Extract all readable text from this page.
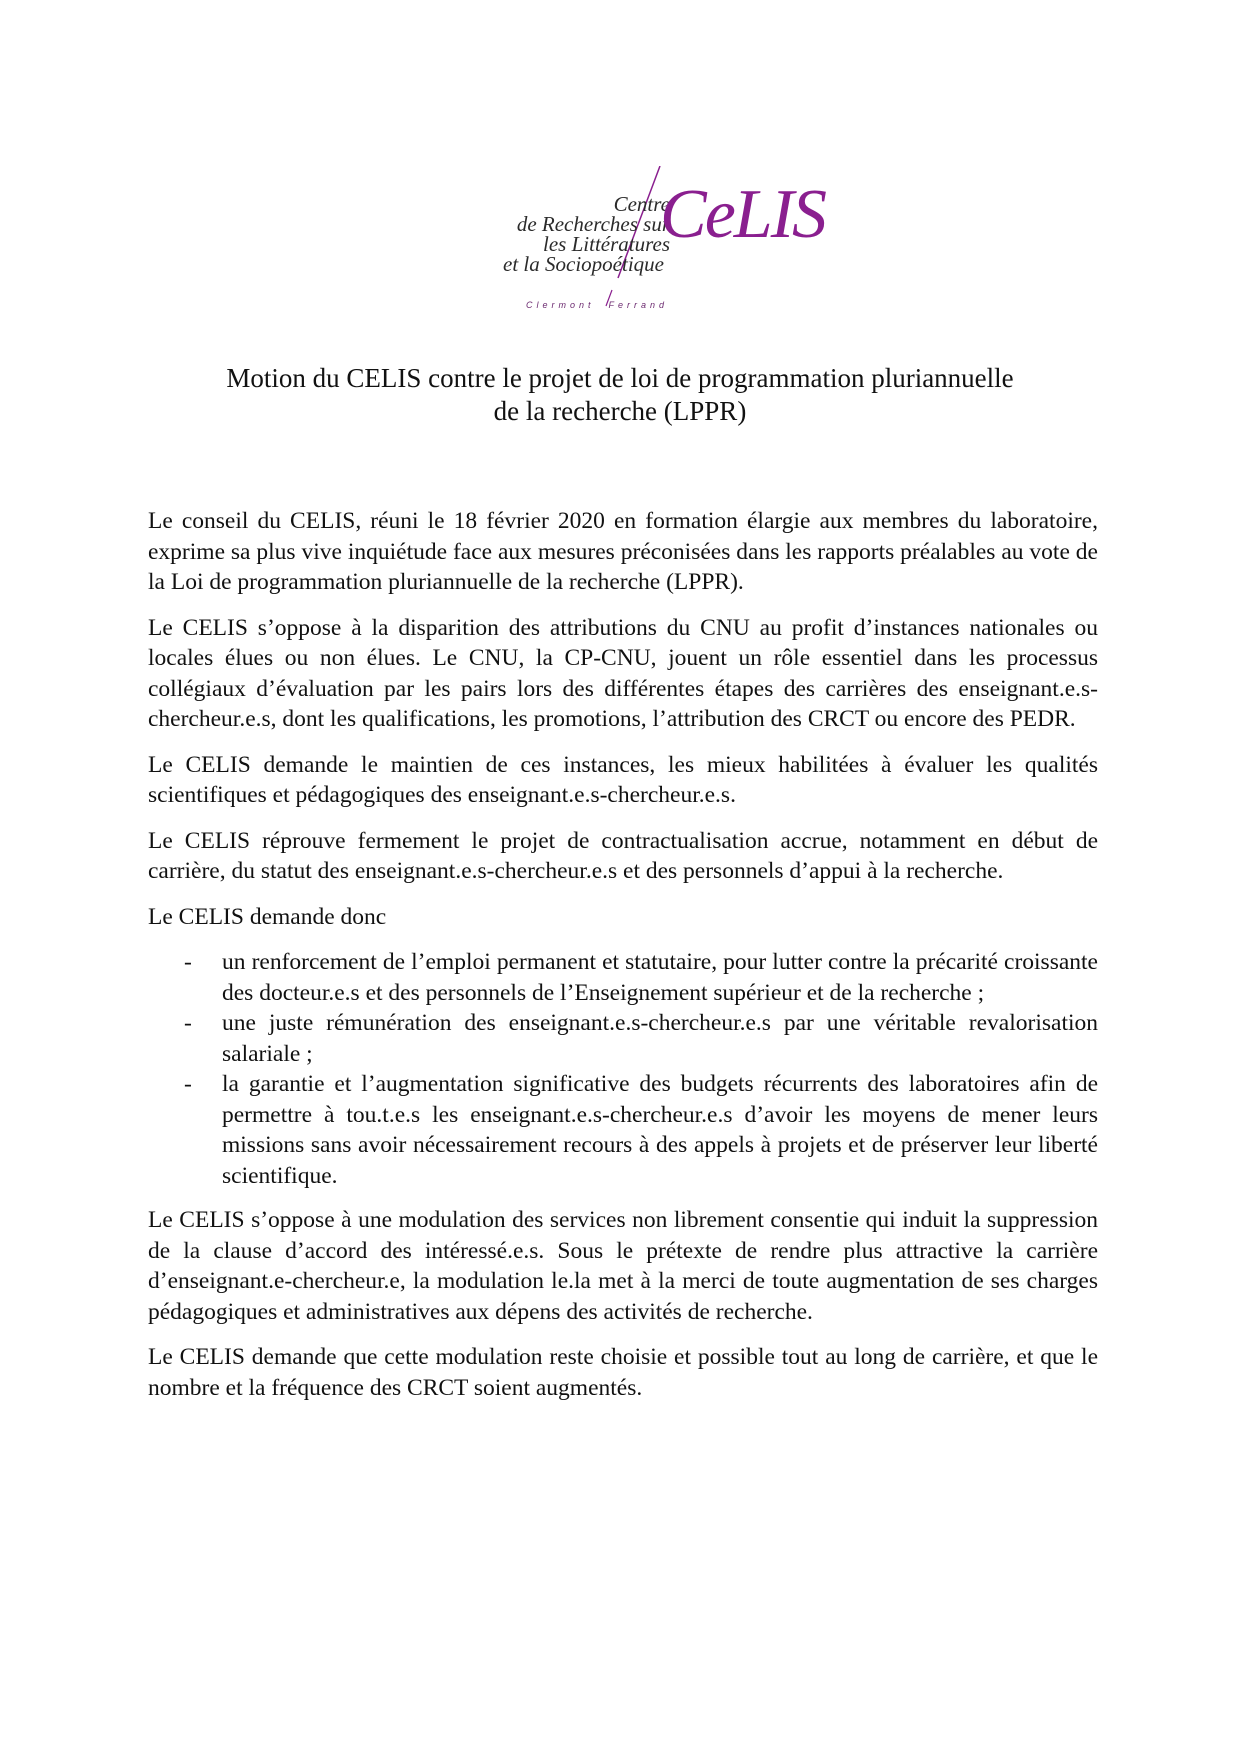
Centre
de Recherches sur
les Littératures
et la Sociopoétique
CeLIS
Clermont Ferrand
Motion du CELIS contre le projet de loi de programmation pluriannuelle
de la recherche (LPPR)

Le conseil du CELIS, réuni le 18 février 2020 en formation élargie aux membres du laboratoire, exprime sa plus vive inquiétude face aux mesures préconisées dans les rapports préalables au vote de la Loi de programmation pluriannuelle de la recherche (LPPR).

Le CELIS s’oppose à la disparition des attributions du CNU au profit d’instances nationales ou locales élues ou non élues. Le CNU, la CP-CNU, jouent un rôle essentiel dans les processus collégiaux d’évaluation par les pairs lors des différentes étapes des carrières des enseignant.e.s-chercheur.e.s, dont les qualifications, les promotions, l’attribution des CRCT ou encore des PEDR.

Le CELIS demande le maintien de ces instances, les mieux habilitées à évaluer les qualités scientifiques et pédagogiques des enseignant.e.s-chercheur.e.s.

Le CELIS réprouve fermement le projet de contractualisation accrue, notamment en début de carrière, du statut des enseignant.e.s-chercheur.e.s et des personnels d’appui à la recherche.

Le CELIS demande donc

- un renforcement de l’emploi permanent et statutaire, pour lutter contre la précarité croissante des docteur.e.s et des personnels de l’Enseignement supérieur et de la recherche ;
- une juste rémunération des enseignant.e.s-chercheur.e.s par une véritable revalorisation salariale ;
- la garantie et l’augmentation significative des budgets récurrents des laboratoires afin de permettre à tou.t.e.s les enseignant.e.s-chercheur.e.s d’avoir les moyens de mener leurs missions sans avoir nécessairement recours à des appels à projets et de préserver leur liberté scientifique.

Le CELIS s’oppose à une modulation des services non librement consentie qui induit la suppression de la clause d’accord des intéressé.e.s. Sous le prétexte de rendre plus attractive la carrière d’enseignant.e-chercheur.e, la modulation le.la met à la merci de toute augmentation de ses charges pédagogiques et administratives aux dépens des activités de recherche.

Le CELIS demande que cette modulation reste choisie et possible tout au long de carrière, et que le nombre et la fréquence des CRCT soient augmentés.
